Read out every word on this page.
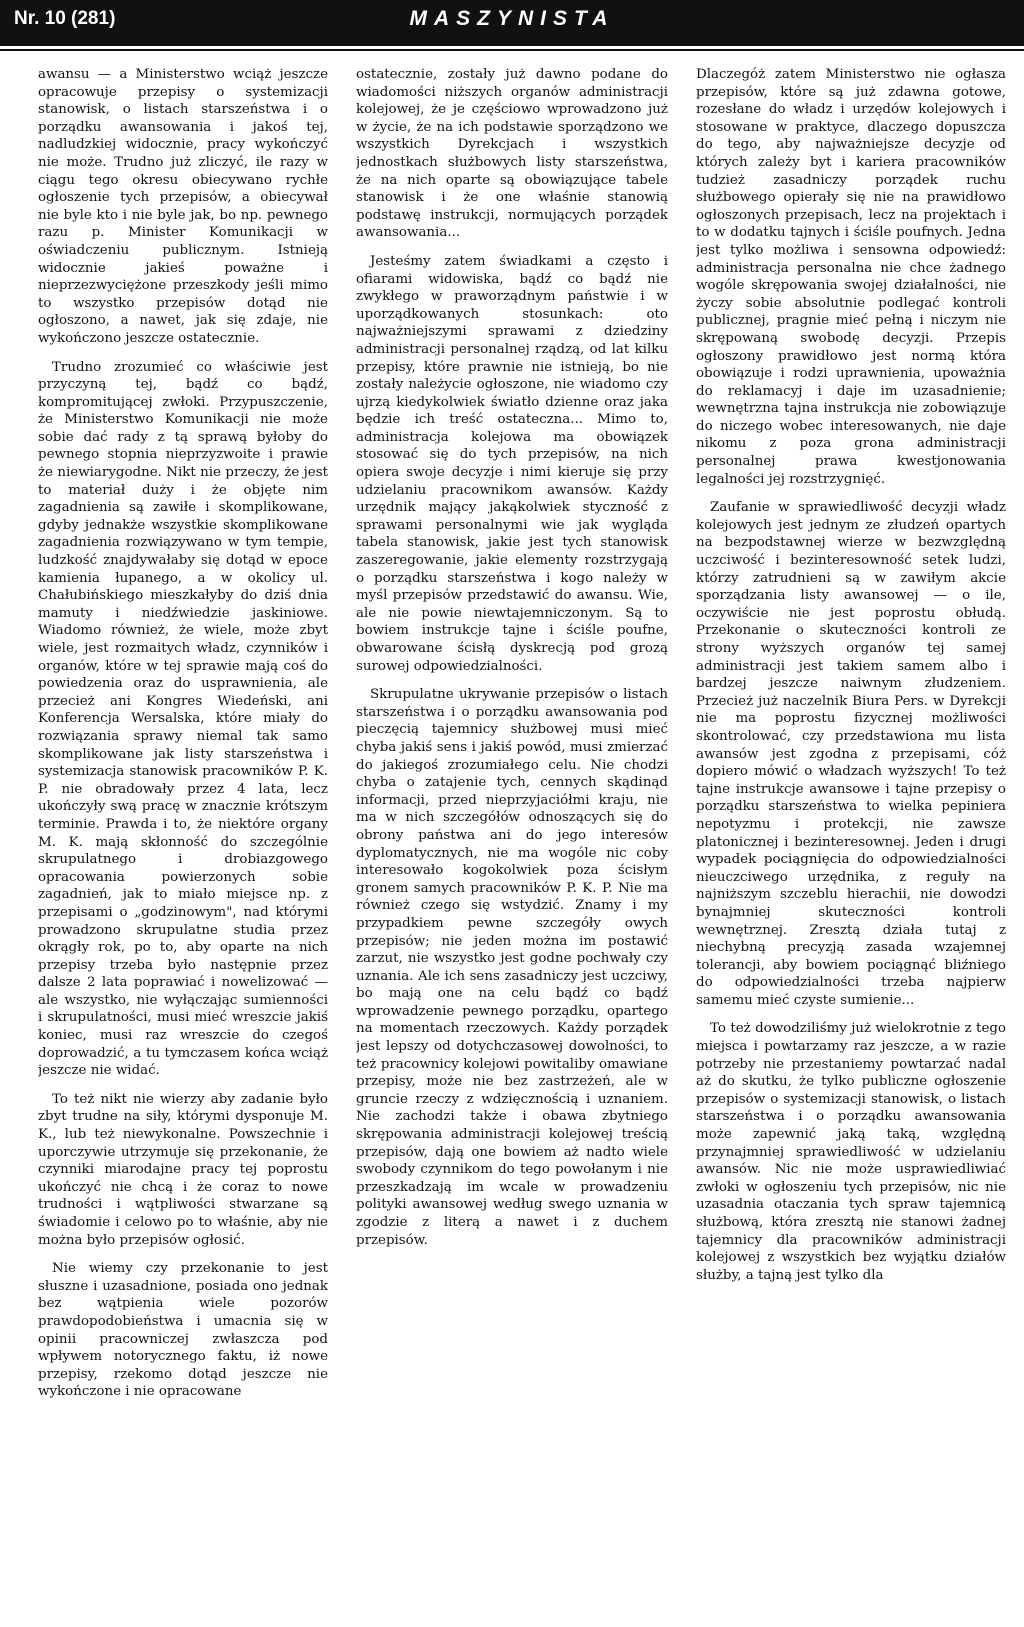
Nr. 10 (281)	MASZYNISTA

awansu — a Ministerstwo wciąż jeszcze opracowuje przepisy o systemizacji stanowisk, o listach starszeństwa i o porządku awansowania i jakoś tej, nadludzkiej widocznie, pracy wykończyć nie może. Trudno już zliczyć, ile razy w ciągu tego okresu obiecywano rychłe ogłoszenie tych przepisów, a obiecywał nie byle kto i nie byle jak, bo np. pewnego razu p. Minister Komunikacji w oświadczeniu publicznym. Istnieją widocznie jakieś poważne i nieprzezwyciężone przeszkody jeśli mimo to wszystko przepisów dotąd nie ogłoszono, a nawet, jak się zdaje, nie wykończono jeszcze ostatecznie.

Trudno zrozumieć co właściwie jest przyczyną tej, bądź co bądź, kompromitującej zwłoki. Przypuszczenie, że Ministerstwo Komunikacji nie może sobie dać rady z tą sprawą byłoby do pewnego stopnia nieprzyzwoite i prawie że niewiarygodne. Nikt nie przeczy, że jest to materiał duży i że objęte nim zagadnienia są zawiłe i skomplikowane, gdyby jednakże wszystkie skomplikowane zagadnienia rozwiązywano w tym tempie, ludzkość znajdywałaby się dotąd w epoce kamienia łupanego, a w okolicy ul. Chałubińskiego mieszkałyby do dziś dnia mamuty i niedźwiedzie jaskiniowe. Wiadomo również, że wiele, może zbyt wiele, jest rozmaitych władz, czynników i organów, które w tej sprawie mają coś do powiedzenia oraz do usprawnienia, ale przecież ani Kongres Wiedeński, ani Konferencja Wersalska, które miały do rozwiązania sprawy niemal tak samo skomplikowane jak listy starszeństwa i systemizacja stanowisk pracowników P. K. P. nie obradowały przez 4 lata, lecz ukończyły swą pracę w znacznie krótszym terminie. Prawda i to, że niektóre organy M. K. mają skłonność do szczególnie skrupulatnego i drobiazgowego opracowania powierzonych sobie zagadnień, jak to miało miejsce np. z przepisami o „godzinowym", nad którymi prowadzono skrupulatne studia przez okrągły rok, po to, aby oparte na nich przepisy trzeba było następnie przez dalsze 2 lata poprawiać i nowelizować — ale wszystko, nie wyłączając sumienności i skrupulatności, musi mieć wreszcie jakiś koniec, musi raz wreszcie do czegoś doprowadzić, a tu tymczasem końca wciąż jeszcze nie widać.

To też nikt nie wierzy aby zadanie było zbyt trudne na siły, którymi dysponuje M. K., lub też niewykonalne. Powszechnie i uporczywie utrzymuje się przekonanie, że czynniki miarodajne pracy tej poprostu ukończyć nie chcą i że coraz to nowe trudności i wątpliwości stwarzane są świadomie i celowo po to właśnie, aby nie można było przepisów ogłosić.

Nie wiemy czy przekonanie to jest słuszne i uzasadnione, posiada ono jednak bez wątpienia wiele pozorów prawdopodobieństwa i umacnia się w opinii pracowniczej zwłaszcza pod wpływem notorycznego faktu, iż nowe przepisy, rzekomo dotąd jeszcze nie wykończone i nie opracowane

ostatecznie, zostały już dawno podane do wiadomości niższych organów administracji kolejowej, że je częściowo wprowadzono już w życie, że na ich podstawie sporządzono we wszystkich Dyrekcjach i wszystkich jednostkach służbowych listy starszeństwa, że na nich oparte są obowiązujące tabele stanowisk i że one właśnie stanowią podstawę instrukcji, normujących porządek awansowania...

Jesteśmy zatem świadkami a często i ofiarami widowiska, bądź co bądź nie zwykłego w praworządnym państwie i w uporządkowanych stosunkach: oto najważniejszymi sprawami z dziedziny administracji personalnej rządzą, od lat kilku przepisy, które prawnie nie istnieją, bo nie zostały należycie ogłoszone, nie wiadomo czy ujrzą kiedykolwiek światło dzienne oraz jaka będzie ich treść ostateczna... Mimo to, administracja kolejowa ma obowiązek stosować się do tych przepisów, na nich opiera swoje decyzje i nimi kieruje się przy udzielaniu pracownikom awansów. Każdy urzędnik mający jakąkolwiek styczność z sprawami personalnymi wie jak wygląda tabela stanowisk, jakie jest tych stanowisk zaszeregowanie, jakie elementy rozstrzygają o porządku starszeństwa i kogo należy w myśl przepisów przedstawić do awansu. Wie, ale nie powie niewtajemniczonym. Są to bowiem instrukcje tajne i ściśle poufne, obwarowane ścisłą dyskrecją pod grozą surowej odpowiedzialności.

Skrupulatne ukrywanie przepisów o listach starszeństwa i o porządku awansowania pod pieczęcią tajemnicy służbowej musi mieć chyba jakiś sens i jakiś powód, musi zmierzać do jakiegoś zrozumiałego celu. Nie chodzi chyba o zatajenie tych, cennych skądinąd informacji, przed nieprzyjaciółmi kraju, nie ma w nich szczegółów odnoszących się do obrony państwa ani do jego interesów dyplomatycznych, nie ma wogóle nic coby interesowało kogokolwiek poza ścisłym gronem samych pracowników P. K. P. Nie ma również czego się wstydzić. Znamy i my przypadkiem pewne szczegóły owych przepisów; nie jeden można im postawić zarzut, nie wszystko jest godne pochwały czy uznania. Ale ich sens zasadniczy jest uczciwy, bo mają one na celu bądź co bądź wprowadzenie pewnego porządku, opartego na momentach rzeczowych. Każdy porządek jest lepszy od dotychczasowej dowolności, to też pracownicy kolejowi powitaliby omawiane przepisy, może nie bez zastrzeżeń, ale w gruncie rzeczy z wdzięcznością i uznaniem. Nie zachodzi także i obawa zbytniego skrępowania administracji kolejowej treścią przepisów, dają one bowiem aż nadto wiele swobody czynnikom do tego powołanym i nie przeszkadzają im wcale w prowadzeniu polityki awansowej według swego uznania w zgodzie z literą a nawet i z duchem przepisów.

Dlaczegóż zatem Ministerstwo nie ogłasza przepisów, które są już zdawna gotowe, rozesłane do władz i urzędów kolejowych i stosowane w praktyce, dlaczego dopuszcza do tego, aby najważniejsze decyzje od których zależy byt i kariera pracowników tudzież zasadniczy porządek ruchu służbowego opierały się nie na prawidłowo ogłoszonych przepisach, lecz na projektach i to w dodatku tajnych i ściśle poufnych. Jedna jest tylko możliwa i sensowna odpowiedź: administracja personalna nie chce żadnego wogóle skrępowania swojej działalności, nie życzy sobie absolutnie podlegać kontroli publicznej, pragnie mieć pełną i niczym nie skrępowaną swobodę decyzji. Przepis ogłoszony prawidłowo jest normą która obowiązuje i rodzi uprawnienia, upoważnia do reklamacyj i daje im uzasadnienie; wewnętrzna tajna instrukcja nie zobowiązuje do niczego wobec interesowanych, nie daje nikomu z poza grona administracji personalnej prawa kwestjonowania legalności jej rozstrzygnięć.

Zaufanie w sprawiedliwość decyzji władz kolejowych jest jednym ze złudzeń opartych na bezpodstawnej wierze w bezwzględną uczciwość i bezinteresowność setek ludzi, którzy zatrudnieni są w zawiłym akcie sporządzania listy awansowej — o ile, oczywiście nie jest poprostu obłudą. Przekonanie o skuteczności kontroli ze strony wyższych organów tej samej administracji jest takiem samem albo i bardzej jeszcze naiwnym złudzeniem. Przecież już naczelnik Biura Pers. w Dyrekcji nie ma poprostu fizycznej możliwości skontrolować, czy przedstawiona mu lista awansów jest zgodna z przepisami, cóż dopiero mówić o władzach wyższych! To też tajne instrukcje awansowe i tajne przepisy o porządku starszeństwa to wielka pepiniera nepotyzmu i protekcji, nie zawsze platonicznej i bezinteresownej. Jeden i drugi wypadek pociągnięcia do odpowiedzialności nieuczciwego urzędnika, z reguły na najniższym szczeblu hierachii, nie dowodzi bynajmniej skuteczności kontroli wewnętrznej. Zresztą działa tutaj z niechybną precyzją zasada wzajemnej tolerancji, aby bowiem pociągnąć bliźniego do odpowiedzialności trzeba najpierw samemu mieć czyste sumienie...

To też dowodziliśmy już wielokrotnie z tego miejsca i powtarzamy raz jeszcze, a w razie potrzeby nie przestaniemy powtarzać nadal aż do skutku, że tylko publiczne ogłoszenie przepisów o systemizacji stanowisk, o listach starszeństwa i o porządku awansowania może zapewnić jaką taką, względną przynajmniej sprawiedliwość w udzielaniu awansów. Nic nie może usprawiedliwiać zwłoki w ogłoszeniu tych przepisów, nic nie uzasadnia otaczania tych spraw tajemnicą służbową, która zresztą nie stanowi żadnej tajemnicy dla pracowników administracji kolejowej z wszystkich bez wyjątku działów służby, a tajną jest tylko dla
